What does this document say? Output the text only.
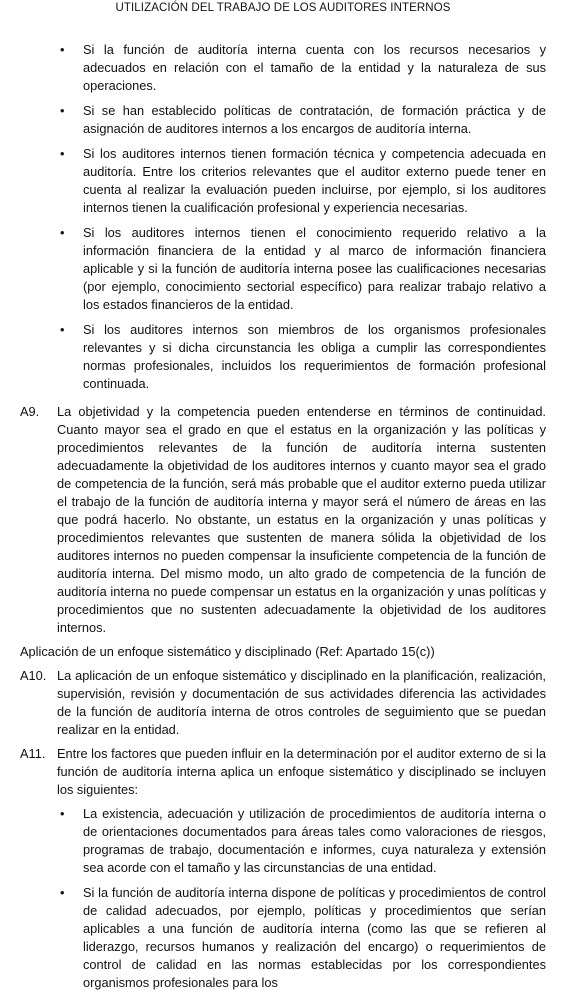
UTILIZACIÓN DEL TRABAJO DE LOS AUDITORES INTERNOS
• Si la función de auditoría interna cuenta con los recursos necesarios y adecuados en relación con el tamaño de la entidad y la naturaleza de sus operaciones.

• Si se han establecido políticas de contratación, de formación práctica y de asignación de auditores internos a los encargos de auditoría interna.

• Si los auditores internos tienen formación técnica y competencia adecuada en auditoría. Entre los criterios relevantes que el auditor externo puede tener en cuenta al realizar la evaluación pueden incluirse, por ejemplo, si los auditores internos tienen la cualificación profesional y experiencia necesarias.

• Si los auditores internos tienen el conocimiento requerido relativo a la información financiera de la entidad y al marco de información financiera aplicable y si la función de auditoría interna posee las cualificaciones necesarias (por ejemplo, conocimiento sectorial específico) para realizar trabajo relativo a los estados financieros de la entidad.

• Si los auditores internos son miembros de los organismos profesionales relevantes y si dicha circunstancia les obliga a cumplir las correspondientes normas profesionales, incluidos los requerimientos de formación profesional continuada.

A9. La objetividad y la competencia pueden entenderse en términos de continuidad. Cuanto mayor sea el grado en que el estatus en la organización y las políticas y procedimientos relevantes de la función de auditoría interna sustenten adecuadamente la objetividad de los auditores internos y cuanto mayor sea el grado de competencia de la función, será más probable que el auditor externo pueda utilizar el trabajo de la función de auditoría interna y mayor será el número de áreas en las que podrá hacerlo. No obstante, un estatus en la organización y unas políticas y procedimientos relevantes que sustenten de manera sólida la objetividad de los auditores internos no pueden compensar la insuficiente competencia de la función de auditoría interna. Del mismo modo, un alto grado de competencia de la función de auditoría interna no puede compensar un estatus en la organización y unas políticas y procedimientos que no sustenten adecuadamente la objetividad de los auditores internos.

Aplicación de un enfoque sistemático y disciplinado (Ref: Apartado 15(c))

A10. La aplicación de un enfoque sistemático y disciplinado en la planificación, realización, supervisión, revisión y documentación de sus actividades diferencia las actividades de la función de auditoría interna de otros controles de seguimiento que se puedan realizar en la entidad.

A11. Entre los factores que pueden influir en la determinación por el auditor externo de si la función de auditoría interna aplica un enfoque sistemático y disciplinado se incluyen los siguientes:

• La existencia, adecuación y utilización de procedimientos de auditoría interna o de orientaciones documentados para áreas tales como valoraciones de riesgos, programas de trabajo, documentación e informes, cuya naturaleza y extensión sea acorde con el tamaño y las circunstancias de una entidad.

• Si la función de auditoría interna dispone de políticas y procedimientos de control de calidad adecuados, por ejemplo, políticas y procedimientos que serían aplicables a una función de auditoría interna (como las que se refieren al liderazgo, recursos humanos y realización del encargo) o requerimientos de control de calidad en las normas establecidas por los correspondientes organismos profesionales para los
